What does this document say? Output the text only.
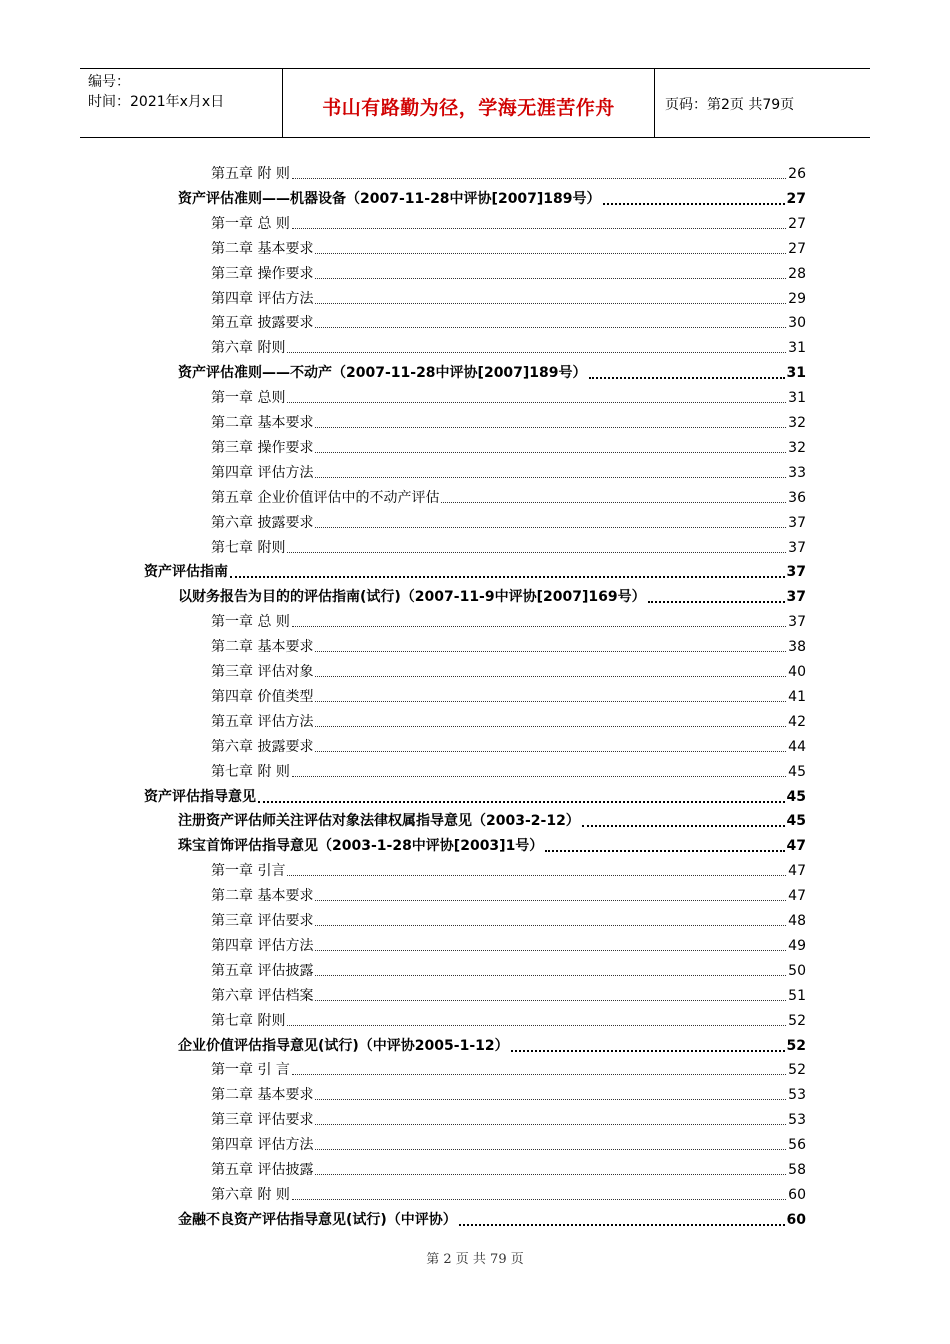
编号：
时间：2021年x月x日	书山有路勤为径，学海无涯苦作舟	页码：第2页 共79页
第五章 附 则	26
资产评估准则——机器设备（2007-11-28中评协[2007]189号）	27
第一章 总 则	27
第二章 基本要求	27
第三章 操作要求	28
第四章 评估方法	29
第五章 披露要求	30
第六章 附则	31
资产评估准则——不动产（2007-11-28中评协[2007]189号）	31
第一章 总则	31
第二章 基本要求	32
第三章 操作要求	32
第四章 评估方法	33
第五章 企业价值评估中的不动产评估	36
第六章 披露要求	37
第七章 附则	37
资产评估指南	37
以财务报告为目的的评估指南(试行)（2007-11-9中评协[2007]169号）	37
第一章 总 则	37
第二章 基本要求	38
第三章 评估对象	40
第四章 价值类型	41
第五章 评估方法	42
第六章 披露要求	44
第七章 附 则	45
资产评估指导意见	45
注册资产评估师关注评估对象法律权属指导意见（2003-2-12）	45
珠宝首饰评估指导意见（2003-1-28中评协[2003]1号）	47
第一章 引言	47
第二章 基本要求	47
第三章 评估要求	48
第四章 评估方法	49
第五章 评估披露	50
第六章 评估档案	51
第七章 附则	52
企业价值评估指导意见(试行)（中评协2005-1-12）	52
第一章 引 言	52
第二章 基本要求	53
第三章 评估要求	53
第四章 评估方法	56
第五章 评估披露	58
第六章 附 则	60
金融不良资产评估指导意见(试行)（中评协）	60
第 2 页 共 79 页
